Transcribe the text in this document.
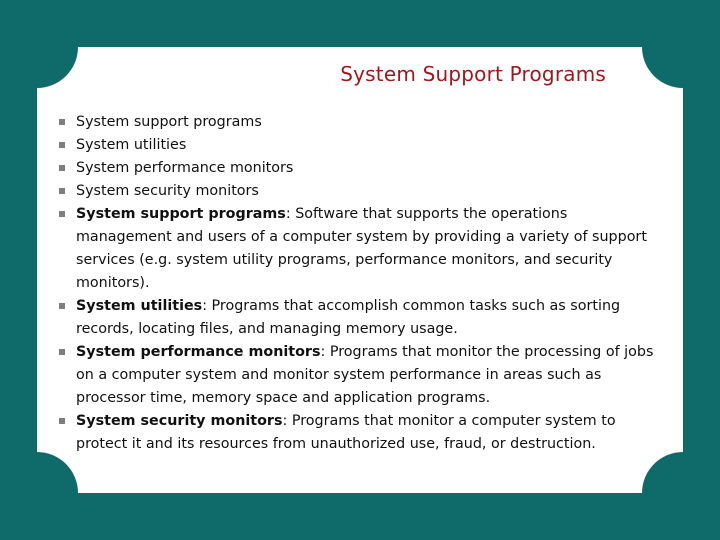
System Support Programs
System support programs
System utilities
System performance monitors
System security monitors
System support programs: Software that supports the operations management and users of a computer system by providing a variety of support services (e.g. system utility programs, performance monitors, and security monitors).
System utilities: Programs that accomplish common tasks such as sorting records, locating files, and managing memory usage.
System performance monitors: Programs that monitor the processing of jobs on a computer system and monitor system performance in areas such as processor time, memory space and application programs.
System security monitors: Programs that monitor a computer system to protect it and its resources from unauthorized use, fraud, or destruction.
